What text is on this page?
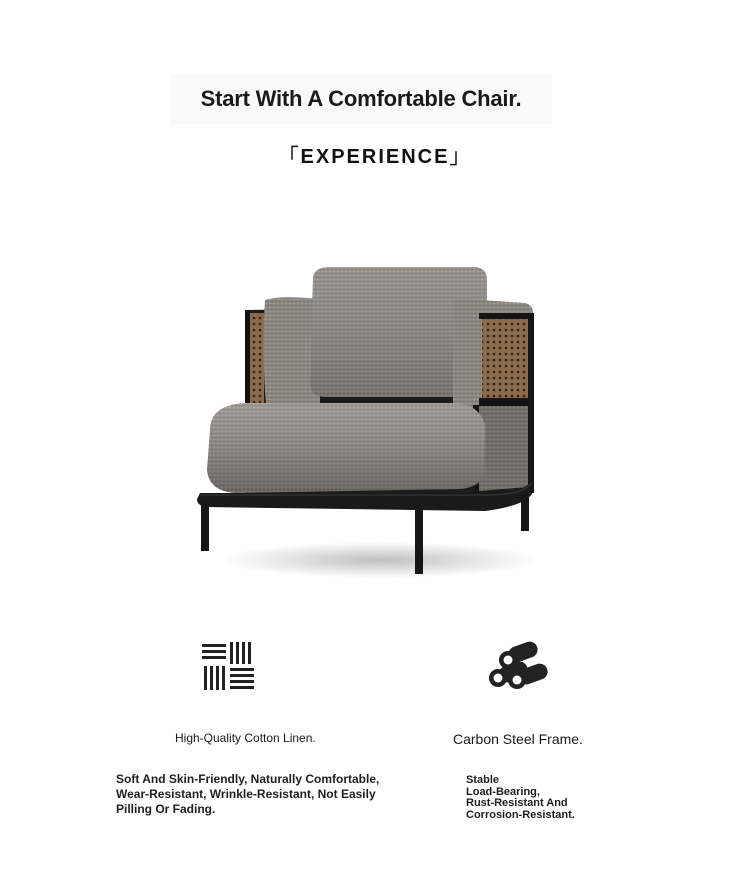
Start With A Comfortable Chair.
「EXPERIENCE」
High-Quality Cotton Linen.	Carbon Steel Frame.
Soft And Skin-Friendly, Naturally Comfortable, Wear-Resistant, Wrinkle-Resistant, Not Easily Pilling Or Fading.
Stable
Load-Bearing,
Rust-Resistant And
Corrosion-Resistant.
